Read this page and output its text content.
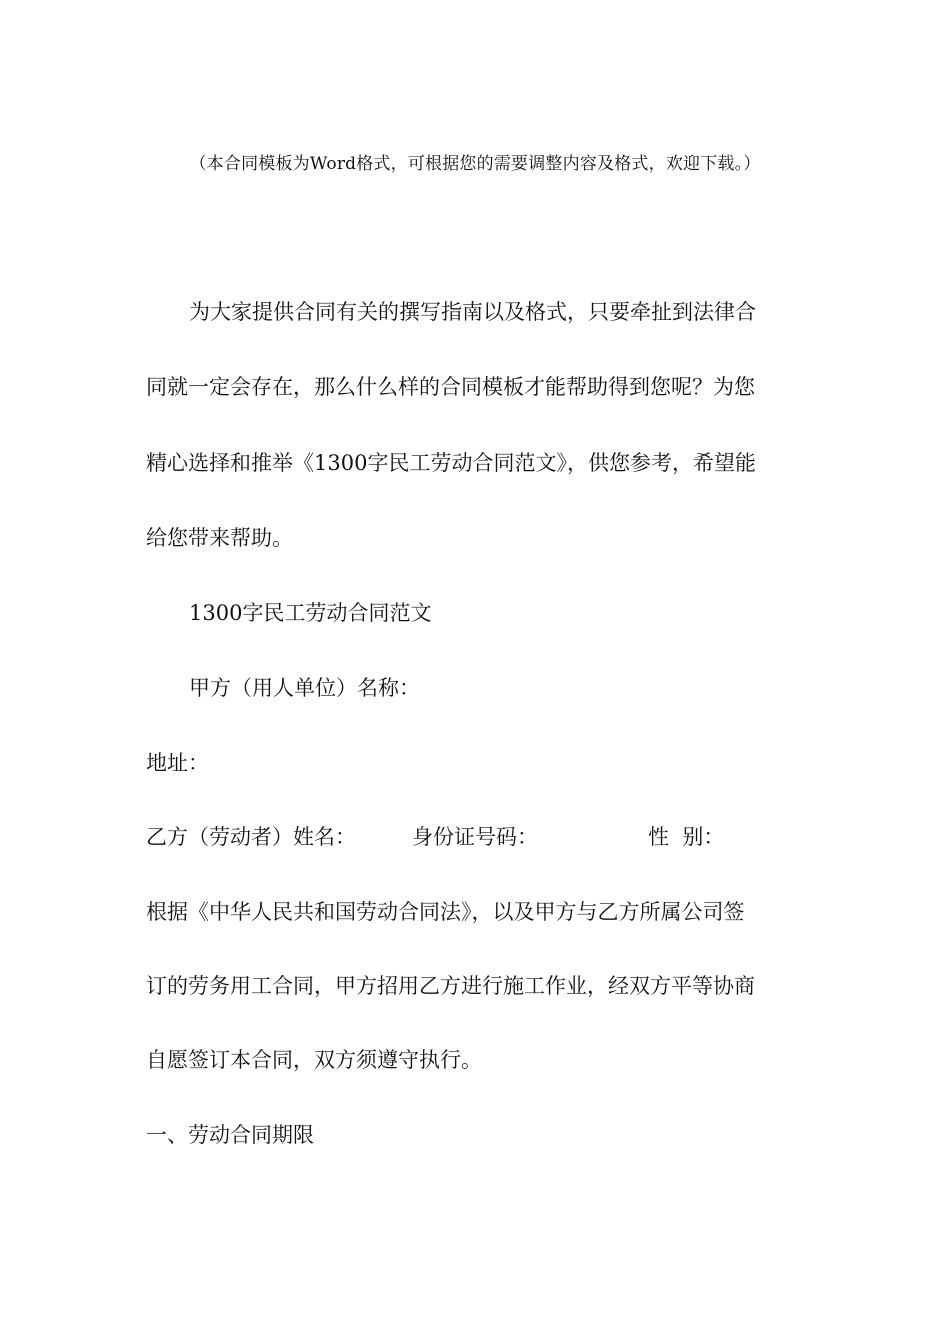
（本合同模板为Word格式，可根据您的需要调整内容及格式，欢迎下载。）
为大家提供合同有关的撰写指南以及格式，只要牵扯到法律合
同就一定会存在，那么什么样的合同模板才能帮助得到您呢？为您
精心选择和推举《1300字民工劳动合同范文》，供您参考，希望能
给您带来帮助。
1300字民工劳动合同范文
甲方（用人单位）名称：
地址：
乙方（劳动者）姓名：	身份证号码：	性  别：
根据《中华人民共和国劳动合同法》，以及甲方与乙方所属公司签
订的劳务用工合同，甲方招用乙方进行施工作业，经双方平等协商
自愿签订本合同，双方须遵守执行。
一、劳动合同期限
